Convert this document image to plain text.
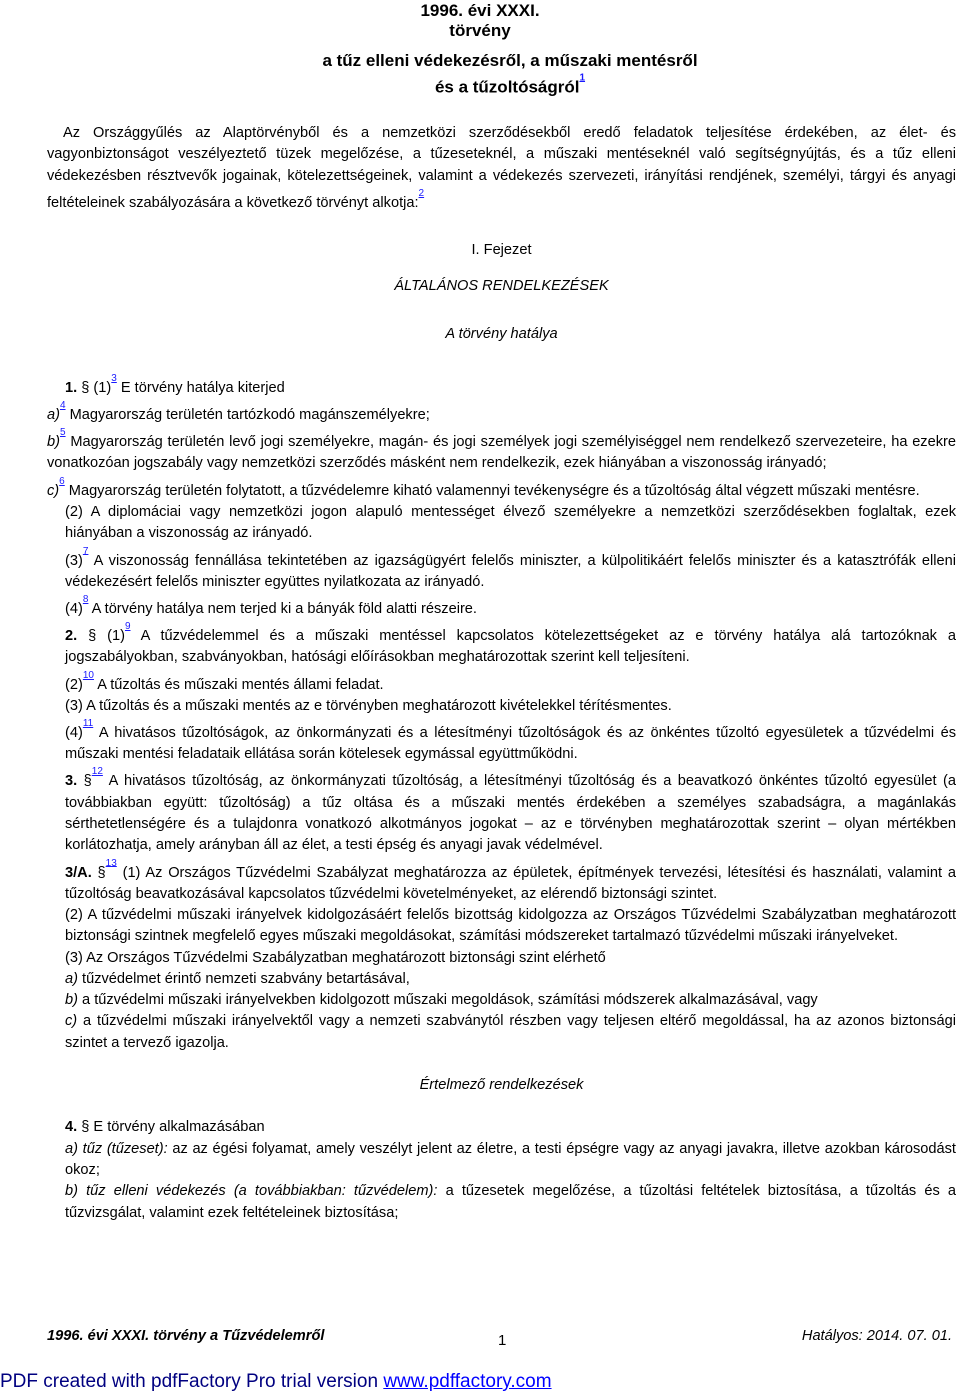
1996. évi XXXI.
törvény
a tűz elleni védekezésről, a műszaki mentésről
és a tűzoltóságról$^{^1}$

Az Országgyűlés az Alaptörvényből és a nemzetközi szerződésekből eredő feladatok teljesítése érdekében, az élet- és vagyonbiztonságot veszélyeztető tüzek megelőzése, a tűzeseteknél, a műszaki mentéseknél való segítségnyújtás, és a tűz elleni védekezésben résztvevők jogainak, kötelezettségeinek, valamint a védekezés szervezeti, irányítási rendjének, személyi, tárgyi és anyagi feltételeinek szabályozására a következő törvényt alkotja:$^{^2}$

I. Fejezet
ÁLTALÁNOS RENDELKEZÉSEK
A törvény hatálya

1. § $(1)^{^3}$ E törvény hatálya kiterjed

a)$^{^4}$ Magyarország területén tartózkodó magánszemélyekre;

b)$^{^5}$ Magyarország területén levő jogi személyekre, magán- és jogi személyek jogi személyiséggel nem rendelkező szervezeteire, ha ezekre vonatkozóan jogszabály vagy nemzetközi szerződés másként nem rendelkezik, ezek hiányában a viszonosság irányadó;

c)$^{^6}$ Magyarország területén folytatott, a tűzvédelemre kiható valamennyi tevékenységre és a tűzoltóság által végzett műszaki mentésre.

(2) A diplomáciai vagy nemzetközi jogon alapuló mentességet élvező személyekre a nemzetközi szerződésekben foglaltak, ezek hiányában a viszonosság az irányadó.

$(3)^{^7}$ A viszonosság fennállása tekintetében az igazságügyért felelős miniszter, a külpolitikáért felelős miniszter és a katasztrófák elleni védekezésért felelős miniszter együttes nyilatkozata az irányadó.

$(4)^{^8}$ A törvény hatálya nem terjed ki a bányák föld alatti részeire.

2. § $(1)^{^9}$ A tűzvédelemmel és a műszaki mentéssel kapcsolatos kötelezettségeket az e törvény hatálya alá tartozóknak a jogszabályokban, szabványokban, hatósági előírásokban meghatározottak szerint kell teljesíteni.

$(2)^{^{10}}$ A tűzoltás és műszaki mentés állami feladat.

(3) A tűzoltás és a műszaki mentés az e törvényben meghatározott kivételekkel térítésmentes.

$(4)^{^{11}}$ A hivatásos tűzoltóságok, az önkormányzati és a létesítményi tűzoltóságok és az önkéntes tűzoltó egyesületek a tűzvédelmi és műszaki mentési feladataik ellátása során kötelesek egymással együttműködni.

3. §$^{^{12}}$ A hivatásos tűzoltóság, az önkormányzati tűzoltóság, a létesítményi tűzoltóság és a beavatkozó önkéntes tűzoltó egyesület (a továbbiakban együtt: tűzoltóság) a tűz oltása és a műszaki mentés érdekében a személyes szabadságra, a magánlakás sérthetetlenségére és a tulajdonra vonatkozó alkotmányos jogokat – az e törvényben meghatározottak szerint – olyan mértékben korlátozhatja, amely arányban áll az élet, a testi épség és anyagi javak védelmével.

3/A. §$^{^{13}}$ (1) Az Országos Tűzvédelmi Szabályzat meghatározza az épületek, építmények tervezési, létesítési és használati, valamint a tűzoltóság beavatkozásával kapcsolatos tűzvédelmi követelményeket, az elérendő biztonsági szintet.

(2) A tűzvédelmi műszaki irányelvek kidolgozásáért felelős bizottság kidolgozza az Országos Tűzvédelmi Szabályzatban meghatározott biztonsági szintnek megfelelő egyes műszaki megoldásokat, számítási módszereket tartalmazó tűzvédelmi műszaki irányelveket.

(3) Az Országos Tűzvédelmi Szabályzatban meghatározott biztonsági szint elérhető

a) tűzvédelmet érintő nemzeti szabvány betartásával,

b) a tűzvédelmi műszaki irányelvekben kidolgozott műszaki megoldások, számítási módszerek alkalmazásával, vagy

c) a tűzvédelmi műszaki irányelvektől vagy a nemzeti szabványtól részben vagy teljesen eltérő megoldással, ha az azonos biztonsági szintet a tervező igazolja.

Értelmező rendelkezések

4. § E törvény alkalmazásában

a) tűz (tűzeset): az az égési folyamat, amely veszélyt jelent az életre, a testi épségre vagy az anyagi javakra, illetve azokban károsodást okoz;

b) tűz elleni védekezés (a továbbiakban: tűzvédelem): a tűzesetek megelőzése, a tűzoltási feltételek biztosítása, a tűzoltás és a tűzvizsgálat, valamint ezek feltételeinek biztosítása;

1996. évi XXXI. törvény a Tűzvédelemről	1	Hatályos: 2014. 07. 01.
PDF created with pdfFactory Pro trial version www.pdffactory.com
